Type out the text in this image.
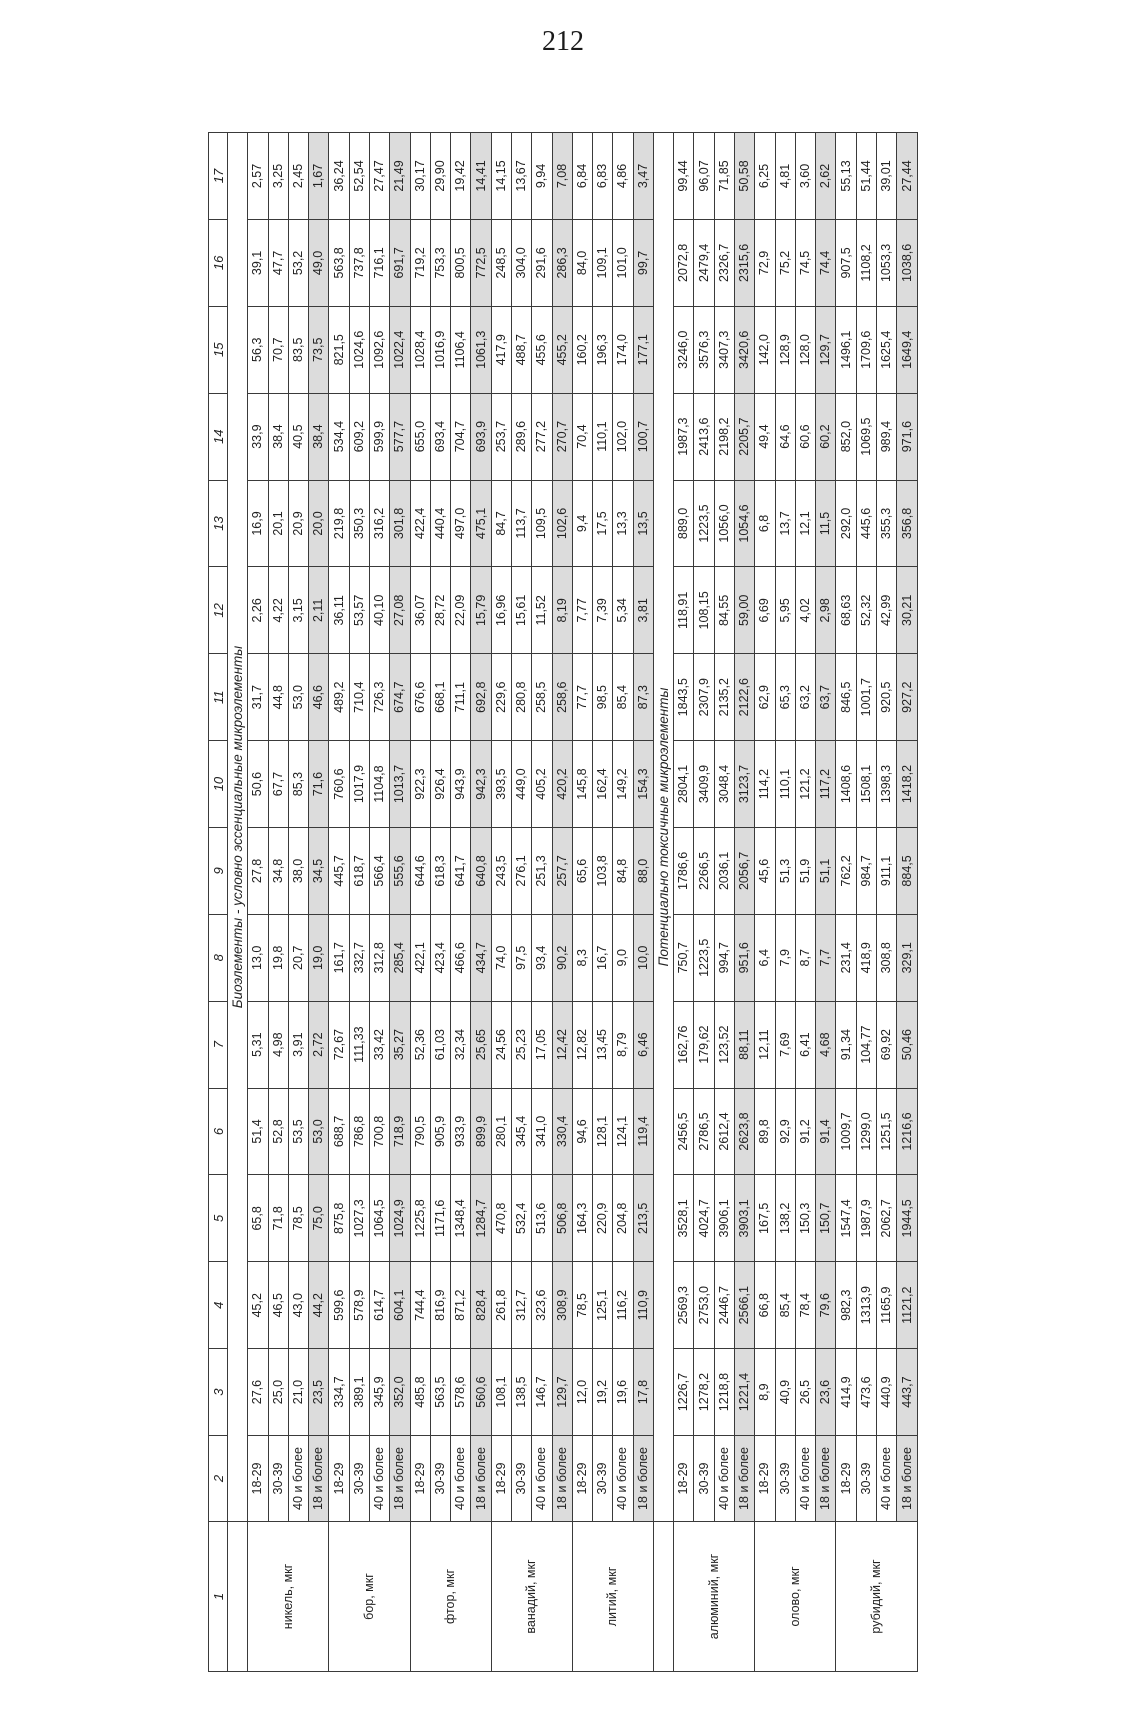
212
1	2	3	4	5	6	7	8	9	10	11	12	13	14	15	16	17
	Биоэлементы - условно эссенциальные микроэлементы															
никель, мкг	18-29	27,6	45,2	65,8	51,4	5,31	13,0	27,8	50,6	31,7	2,26	16,9	33,9	56,3	39,1	2,57
	30-39	25,0	46,5	71,8	52,8	4,98	19,8	34,8	67,7	44,8	4,22	20,1	38,4	70,7	47,7	3,25
	40 и более	21,0	43,0	78,5	53,5	3,91	20,7	38,0	85,3	53,0	3,15	20,9	40,5	83,5	53,2	2,45
	18 и более	23,5	44,2	75,0	53,0	2,72	19,0	34,5	71,6	46,6	2,11	20,0	38,4	73,5	49,0	1,67
бор, мкг	18-29	334,7	599,6	875,8	688,7	72,67	161,7	445,7	760,6	489,2	36,11	219,8	534,4	821,5	563,8	36,24
	30-39	389,1	578,9	1027,3	786,8	111,33	332,7	618,7	1017,9	710,4	53,57	350,3	609,2	1024,6	737,8	52,54
	40 и более	345,9	614,7	1064,5	700,8	33,42	312,8	566,4	1104,8	726,3	40,10	316,2	599,9	1092,6	716,1	27,47
	18 и более	352,0	604,1	1024,9	718,9	35,27	285,4	555,6	1013,7	674,7	27,08	301,8	577,7	1022,4	691,7	21,49
фтор, мкг	18-29	485,8	744,4	1225,8	790,5	52,36	422,1	644,6	922,3	676,6	36,07	422,4	655,0	1028,4	719,2	30,17
	30-39	563,5	816,9	1171,6	905,9	61,03	423,4	618,3	926,4	668,1	28,72	440,4	693,4	1016,9	753,3	29,90
	40 и более	578,6	871,2	1348,4	933,9	32,34	466,6	641,7	943,9	711,1	22,09	497,0	704,7	1106,4	800,5	19,42
	18 и более	560,6	828,4	1284,7	899,9	25,65	434,7	640,8	942,3	692,8	15,79	475,1	693,9	1061,3	772,5	14,41
ванадий, мкг	18-29	108,1	261,8	470,8	280,1	24,56	74,0	243,5	393,5	229,6	16,96	84,7	253,7	417,9	248,5	14,15
	30-39	138,5	312,7	532,4	345,4	25,23	97,5	276,1	449,0	280,8	15,61	113,7	289,6	488,7	304,0	13,67
	40 и более	146,7	323,6	513,6	341,0	17,05	93,4	251,3	405,2	258,5	11,52	109,5	277,2	455,6	291,6	9,94
	18 и более	129,7	308,9	506,8	330,4	12,42	90,2	257,7	420,2	258,6	8,19	102,6	270,7	455,2	286,3	7,08
литий, мкг	18-29	12,0	78,5	164,3	94,6	12,82	8,3	65,6	145,8	77,7	7,77	9,4	70,4	160,2	84,0	6,84
	30-39	19,2	125,1	220,9	128,1	13,45	16,7	103,8	162,4	98,5	7,39	17,5	110,1	196,3	109,1	6,83
	40 и более	19,6	116,2	204,8	124,1	8,79	9,0	84,8	149,2	85,4	5,34	13,3	102,0	174,0	101,0	4,86
	18 и более	17,8	110,9	213,5	119,4	6,46	10,0	88,0	154,3	87,3	3,81	13,5	100,7	177,1	99,7	3,47
	Потенциально токсичные микроэлементы															
алюминий, мкг	18-29	1226,7	2569,3	3528,1	2456,5	162,76	750,7	1786,6	2804,1	1843,5	118,91	889,0	1987,3	3246,0	2072,8	99,44
	30-39	1278,2	2753,0	4024,7	2786,5	179,62	1223,5	2266,5	3409,9	2307,9	108,15	1223,5	2413,6	3576,3	2479,4	96,07
	40 и более	1218,8	2446,7	3906,1	2612,4	123,52	994,7	2036,1	3048,4	2135,2	84,55	1056,0	2198,2	3407,3	2326,7	71,85
	18 и более	1221,4	2566,1	3903,1	2623,8	88,11	951,6	2056,7	3123,7	2122,6	59,00	1054,6	2205,7	3420,6	2315,6	50,58
олово, мкг	18-29	8,9	66,8	167,5	89,8	12,11	6,4	45,6	114,2	62,9	6,69	6,8	49,4	142,0	72,9	6,25
	30-39	40,9	85,4	138,2	92,9	7,69	7,9	51,3	110,1	65,3	5,95	13,7	64,6	128,9	75,2	4,81
	40 и более	26,5	78,4	150,3	91,2	6,41	8,7	51,9	121,2	63,2	4,02	12,1	60,6	128,0	74,5	3,60
	18 и более	23,6	79,6	150,7	91,4	4,68	7,7	51,1	117,2	63,7	2,98	11,5	60,2	129,7	74,4	2,62
рубидий, мкг	18-29	414,9	982,3	1547,4	1009,7	91,34	231,4	762,2	1408,6	846,5	68,63	292,0	852,0	1496,1	907,5	55,13
	30-39	473,6	1313,9	1987,9	1299,0	104,77	418,9	984,7	1508,1	1001,7	52,32	445,6	1069,5	1709,6	1108,2	51,44
	40 и более	440,9	1165,9	2062,7	1251,5	69,92	308,8	911,1	1398,3	920,5	42,99	355,3	989,4	1625,4	1053,3	39,01
	18 и более	443,7	1121,2	1944,5	1216,6	50,46	329,1	884,5	1418,2	927,2	30,21	356,8	971,6	1649,4	1038,6	27,44
